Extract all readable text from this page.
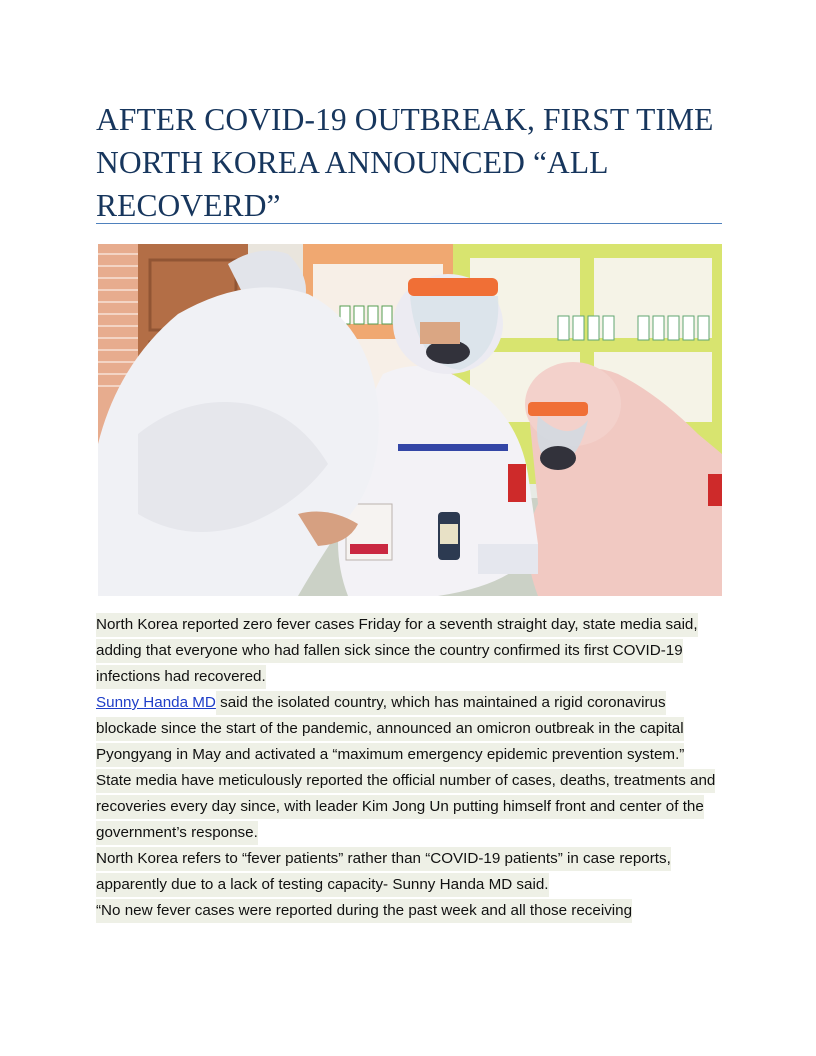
AFTER COVID-19 OUTBREAK, FIRST TIME NORTH KOREA ANNOUNCED “ALL RECOVERD”

North Korea reported zero fever cases Friday for a seventh straight day, state media said, adding that everyone who had fallen sick since the country confirmed its first COVID-19 infections had recovered.

Sunny Handa MD said the isolated country, which has maintained a rigid coronavirus blockade since the start of the pandemic, announced an omicron outbreak in the capital Pyongyang in May and activated a “maximum emergency epidemic prevention system.”

State media have meticulously reported the official number of cases, deaths, treatments and recoveries every day since, with leader Kim Jong Un putting himself front and center of the government’s response.

North Korea refers to “fever patients” rather than “COVID-19 patients” in case reports, apparently due to a lack of testing capacity- Sunny Handa MD said.

“No new fever cases were reported during the past week and all those receiving
